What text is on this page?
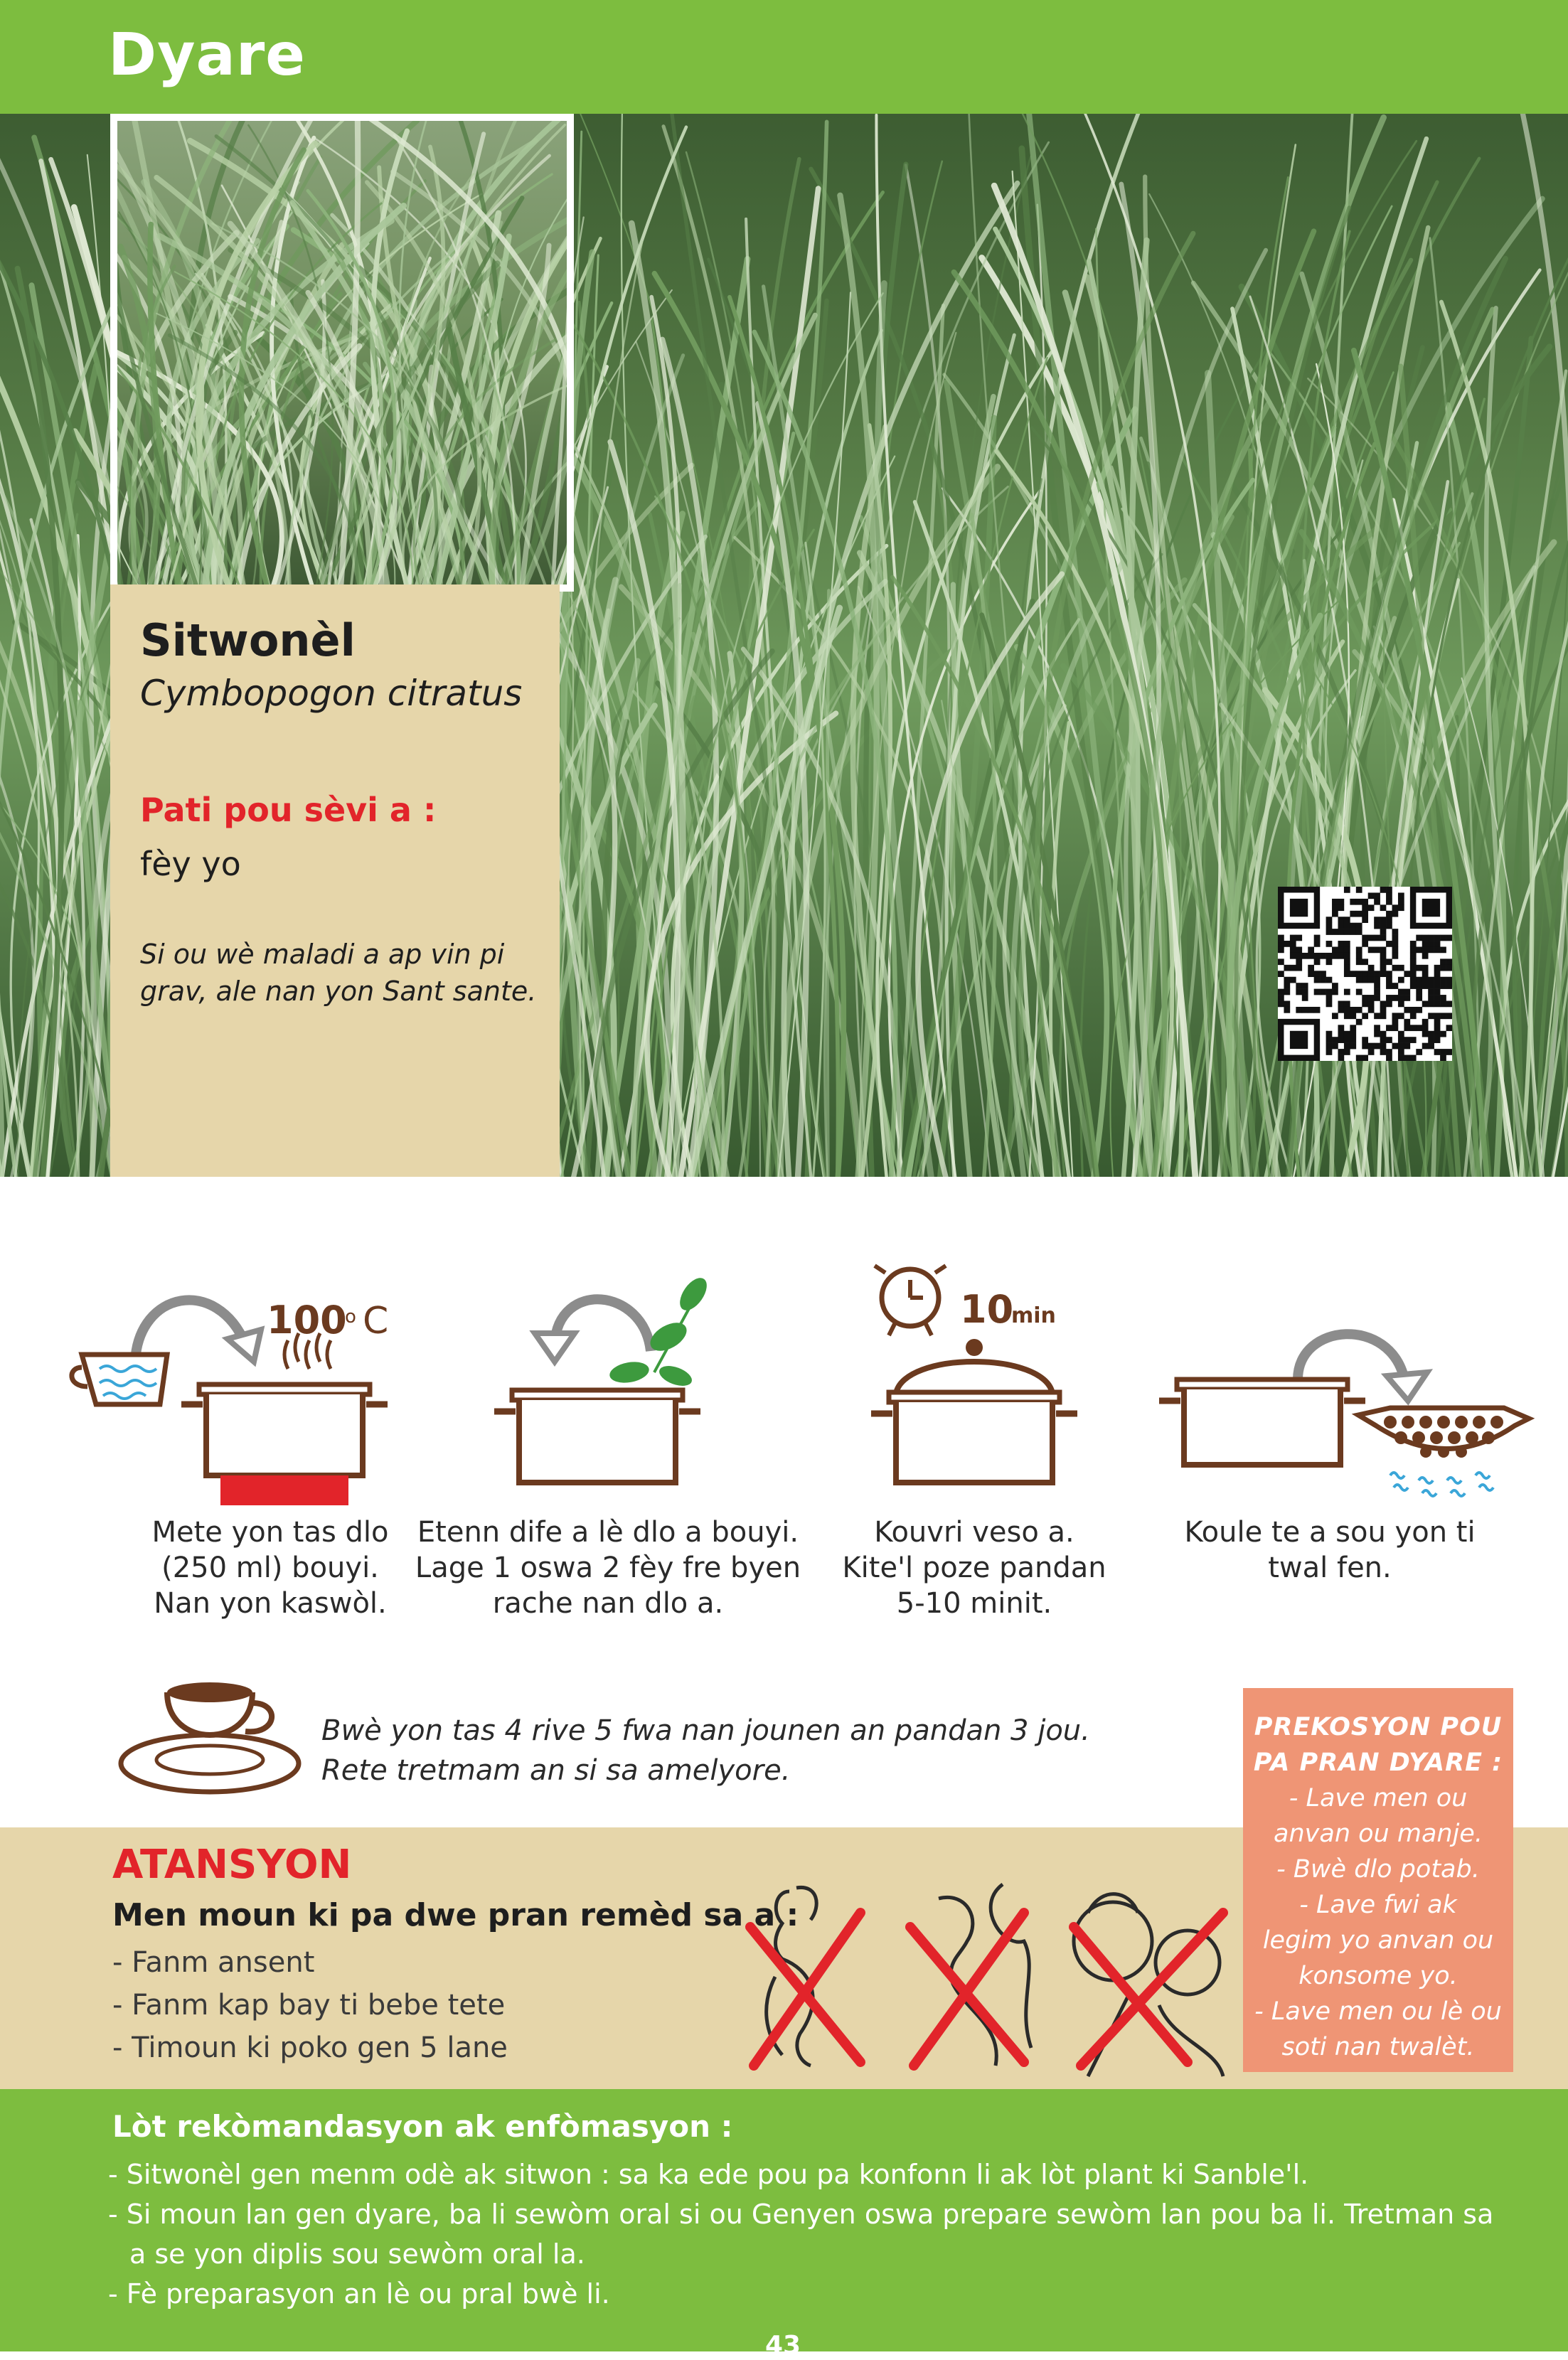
Dyare
Sitwonèl
Cymbopogon citratus
Pati pou sèvi a :
fèy yo
Si ou wè maladi a ap vin pi grav, ale nan yon Sant sante.
100
o C
Mete yon tas dlo
(250 ml) bouyi.
Nan yon kaswòl.
Etenn dife a lè dlo a bouyi.
Lage 1 oswa 2 fèy fre byen
rache nan dlo a.
10
min
Kouvri veso a.
Kite'l poze pandan
5-10 minit.
Koule te a sou yon ti
twal fen.
Bwè yon tas 4 rive 5 fwa nan jounen an pandan 3 jou.
Rete tretmam an si sa amelyore.
ATANSYON
Men moun ki pa dwe pran remèd sa a :
- Fanm ansent
- Fanm kap bay ti bebe tete
- Timoun ki poko gen 5 lane
PREKOSYON POU
PA PRAN DYARE :
- Lave men ou
anvan ou manje.
- Bwè dlo potab.
- Lave fwi ak
legim yo anvan ou
konsome yo.
- Lave men ou lè ou
soti nan twalèt.
Lòt rekòmandasyon ak enfòmasyon :
- Sitwonèl gen menm odè ak sitwon : sa ka ede pou pa konfonn li ak lòt plant ki Sanble'l.
- Si moun lan gen dyare, ba li sewòm oral si ou Genyen oswa prepare sewòm lan pou ba li. Tretman sa a se yon diplis sou sewòm oral la.
- Fè preparasyon an lè ou pral bwè li.
43
